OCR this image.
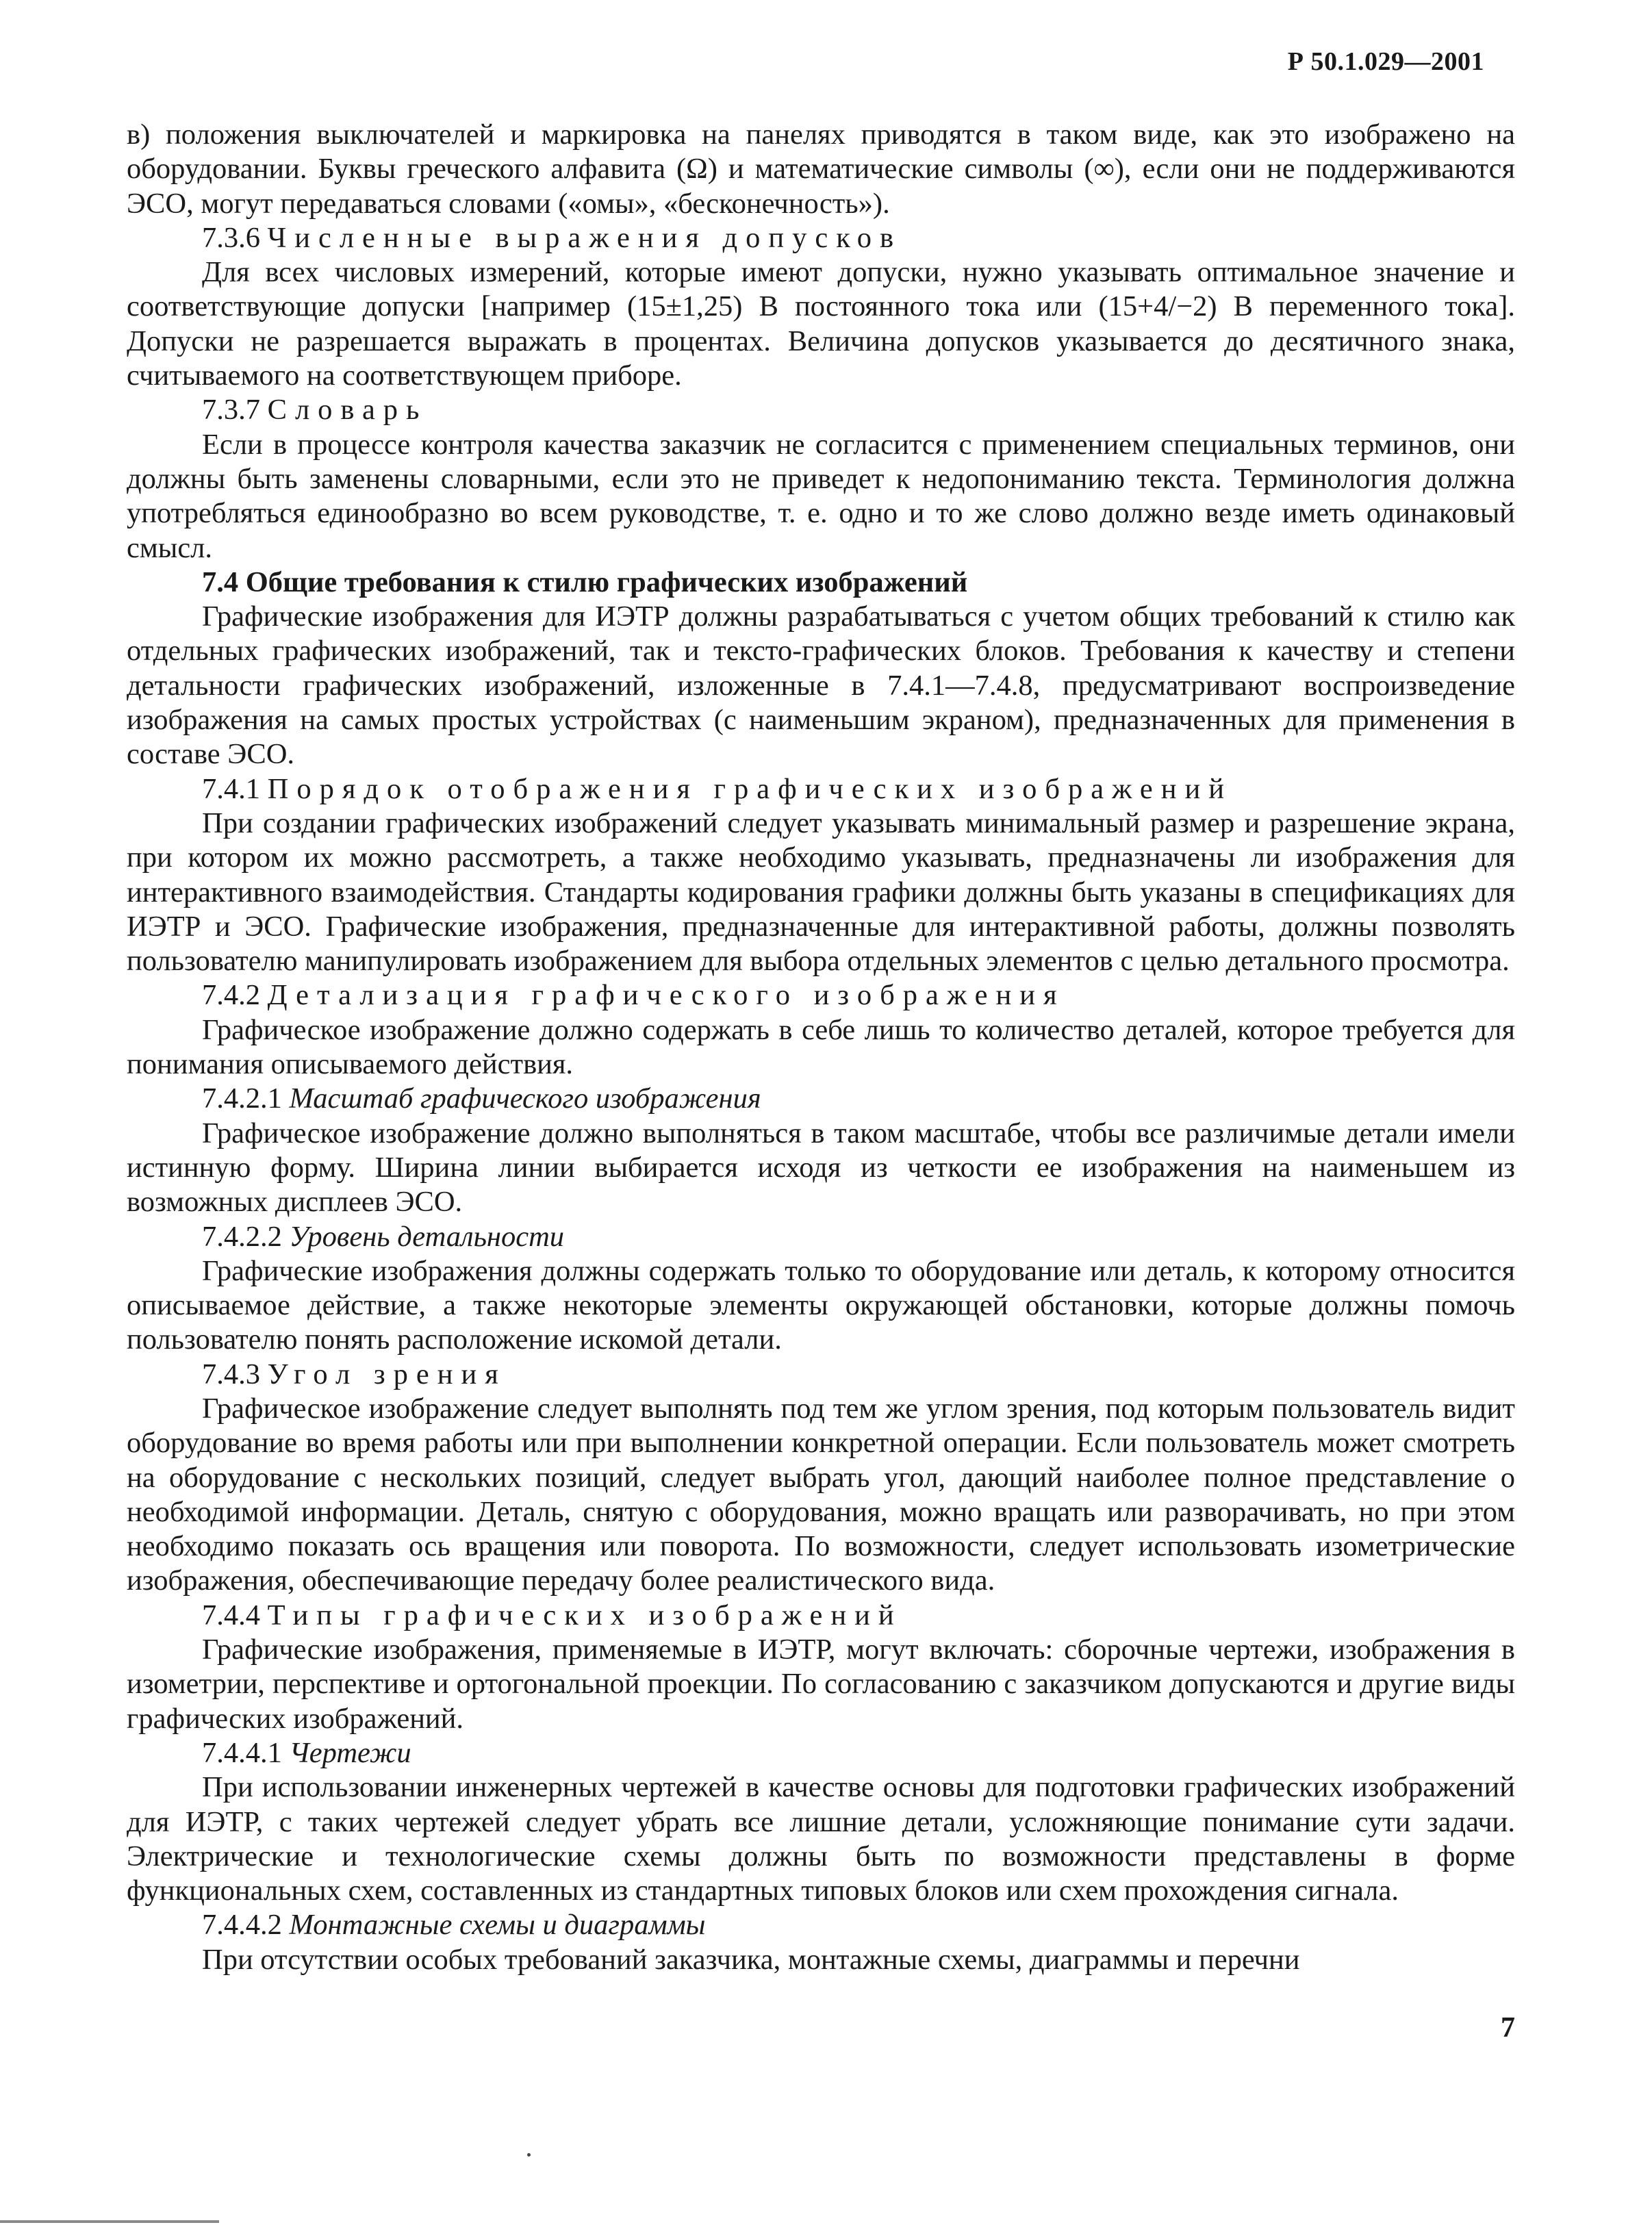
Р 50.1.029—2001

в) положения выключателей и маркировка на панелях приводятся в таком виде, как это изображено на оборудовании. Буквы греческого алфавита (Ω) и математические символы (∞), если они не поддерживаются ЭСО, могут передаваться словами («омы», «бесконечность»).

7.3.6 Численные выражения допусков

Для всех числовых измерений, которые имеют допуски, нужно указывать оптимальное значение и соответствующие допуски [например (15±1,25) В постоянного тока или (15+4/−2) В переменного тока]. Допуски не разрешается выражать в процентах. Величина допусков указывается до десятичного знака, считываемого на соответствующем приборе.

7.3.7 Словарь

Если в процессе контроля качества заказчик не согласится с применением специальных терминов, они должны быть заменены словарными, если это не приведет к недопониманию текста. Терминология должна употребляться единообразно во всем руководстве, т. е. одно и то же слово должно везде иметь одинаковый смысл.

7.4 Общие требования к стилю графических изображений

Графические изображения для ИЭТР должны разрабатываться с учетом общих требований к стилю как отдельных графических изображений, так и тексто-графических блоков. Требования к качеству и степени детальности графических изображений, изложенные в 7.4.1—7.4.8, предусматривают воспроизведение изображения на самых простых устройствах (с наименьшим экраном), предназначенных для применения в составе ЭСО.

7.4.1 Порядок отображения графических изображений

При создании графических изображений следует указывать минимальный размер и разрешение экрана, при котором их можно рассмотреть, а также необходимо указывать, предназначены ли изображения для интерактивного взаимодействия. Стандарты кодирования графики должны быть указаны в спецификациях для ИЭТР и ЭСО. Графические изображения, предназначенные для интерактивной работы, должны позволять пользователю манипулировать изображением для выбора отдельных элементов с целью детального просмотра.

7.4.2 Детализация графического изображения

Графическое изображение должно содержать в себе лишь то количество деталей, которое требуется для понимания описываемого действия.

7.4.2.1 Масштаб графического изображения

Графическое изображение должно выполняться в таком масштабе, чтобы все различимые детали имели истинную форму. Ширина линии выбирается исходя из четкости ее изображения на наименьшем из возможных дисплеев ЭСО.

7.4.2.2 Уровень детальности

Графические изображения должны содержать только то оборудование или деталь, к которому относится описываемое действие, а также некоторые элементы окружающей обстановки, которые должны помочь пользователю понять расположение искомой детали.

7.4.3 Угол зрения

Графическое изображение следует выполнять под тем же углом зрения, под которым пользователь видит оборудование во время работы или при выполнении конкретной операции. Если пользователь может смотреть на оборудование с нескольких позиций, следует выбрать угол, дающий наиболее полное представление о необходимой информации. Деталь, снятую с оборудования, можно вращать или разворачивать, но при этом необходимо показать ось вращения или поворота. По возможности, следует использовать изометрические изображения, обеспечивающие передачу более реалистического вида.

7.4.4 Типы графических изображений

Графические изображения, применяемые в ИЭТР, могут включать: сборочные чертежи, изображения в изометрии, перспективе и ортогональной проекции. По согласованию с заказчиком допускаются и другие виды графических изображений.

7.4.4.1 Чертежи

При использовании инженерных чертежей в качестве основы для подготовки графических изображений для ИЭТР, с таких чертежей следует убрать все лишние детали, усложняющие понимание сути задачи. Электрические и технологические схемы должны быть по возможности представлены в форме функциональных схем, составленных из стандартных типовых блоков или схем прохождения сигнала.

7.4.4.2 Монтажные схемы и диаграммы

При отсутствии особых требований заказчика, монтажные схемы, диаграммы и перечни

7
